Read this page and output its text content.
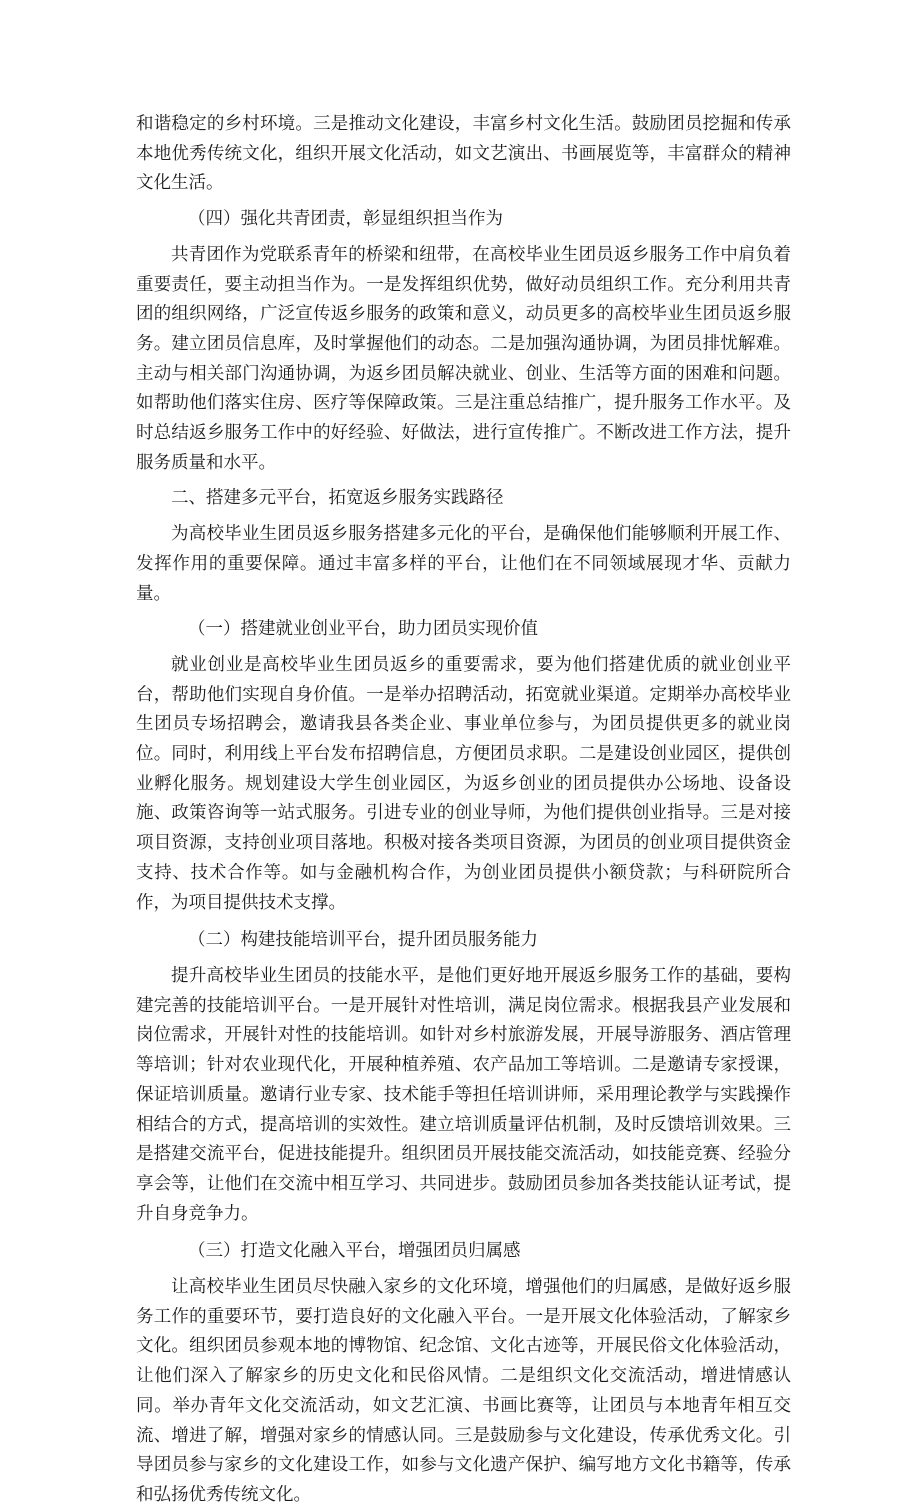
和谐稳定的乡村环境。三是推动文化建设，丰富乡村文化生活。鼓励团员挖掘和传承本地优秀传统文化，组织开展文化活动，如文艺演出、书画展览等，丰富群众的精神文化生活。

（四）强化共青团责，彰显组织担当作为

共青团作为党联系青年的桥梁和纽带，在高校毕业生团员返乡服务工作中肩负着重要责任，要主动担当作为。一是发挥组织优势，做好动员组织工作。充分利用共青团的组织网络，广泛宣传返乡服务的政策和意义，动员更多的高校毕业生团员返乡服务。建立团员信息库，及时掌握他们的动态。二是加强沟通协调，为团员排忧解难。主动与相关部门沟通协调，为返乡团员解决就业、创业、生活等方面的困难和问题。如帮助他们落实住房、医疗等保障政策。三是注重总结推广，提升服务工作水平。及时总结返乡服务工作中的好经验、好做法，进行宣传推广。不断改进工作方法，提升服务质量和水平。

二、搭建多元平台，拓宽返乡服务实践路径

为高校毕业生团员返乡服务搭建多元化的平台，是确保他们能够顺利开展工作、发挥作用的重要保障。通过丰富多样的平台，让他们在不同领域展现才华、贡献力量。

（一）搭建就业创业平台，助力团员实现价值

就业创业是高校毕业生团员返乡的重要需求，要为他们搭建优质的就业创业平台，帮助他们实现自身价值。一是举办招聘活动，拓宽就业渠道。定期举办高校毕业生团员专场招聘会，邀请我县各类企业、事业单位参与，为团员提供更多的就业岗位。同时，利用线上平台发布招聘信息，方便团员求职。二是建设创业园区，提供创业孵化服务。规划建设大学生创业园区，为返乡创业的团员提供办公场地、设备设施、政策咨询等一站式服务。引进专业的创业导师，为他们提供创业指导。三是对接项目资源，支持创业项目落地。积极对接各类项目资源，为团员的创业项目提供资金支持、技术合作等。如与金融机构合作，为创业团员提供小额贷款；与科研院所合作，为项目提供技术支撑。

（二）构建技能培训平台，提升团员服务能力

提升高校毕业生团员的技能水平，是他们更好地开展返乡服务工作的基础，要构建完善的技能培训平台。一是开展针对性培训，满足岗位需求。根据我县产业发展和岗位需求，开展针对性的技能培训。如针对乡村旅游发展，开展导游服务、酒店管理等培训；针对农业现代化，开展种植养殖、农产品加工等培训。二是邀请专家授课，保证培训质量。邀请行业专家、技术能手等担任培训讲师，采用理论教学与实践操作相结合的方式，提高培训的实效性。建立培训质量评估机制，及时反馈培训效果。三是搭建交流平台，促进技能提升。组织团员开展技能交流活动，如技能竞赛、经验分享会等，让他们在交流中相互学习、共同进步。鼓励团员参加各类技能认证考试，提升自身竞争力。

（三）打造文化融入平台，增强团员归属感

让高校毕业生团员尽快融入家乡的文化环境，增强他们的归属感，是做好返乡服务工作的重要环节，要打造良好的文化融入平台。一是开展文化体验活动，了解家乡文化。组织团员参观本地的博物馆、纪念馆、文化古迹等，开展民俗文化体验活动，让他们深入了解家乡的历史文化和民俗风情。二是组织文化交流活动，增进情感认同。举办青年文化交流活动，如文艺汇演、书画比赛等，让团员与本地青年相互交流、增进了解，增强对家乡的情感认同。三是鼓励参与文化建设，传承优秀文化。引导团员参与家乡的文化建设工作，如参与文化遗产保护、编写地方文化书籍等，传承和弘扬优秀传统文化。
